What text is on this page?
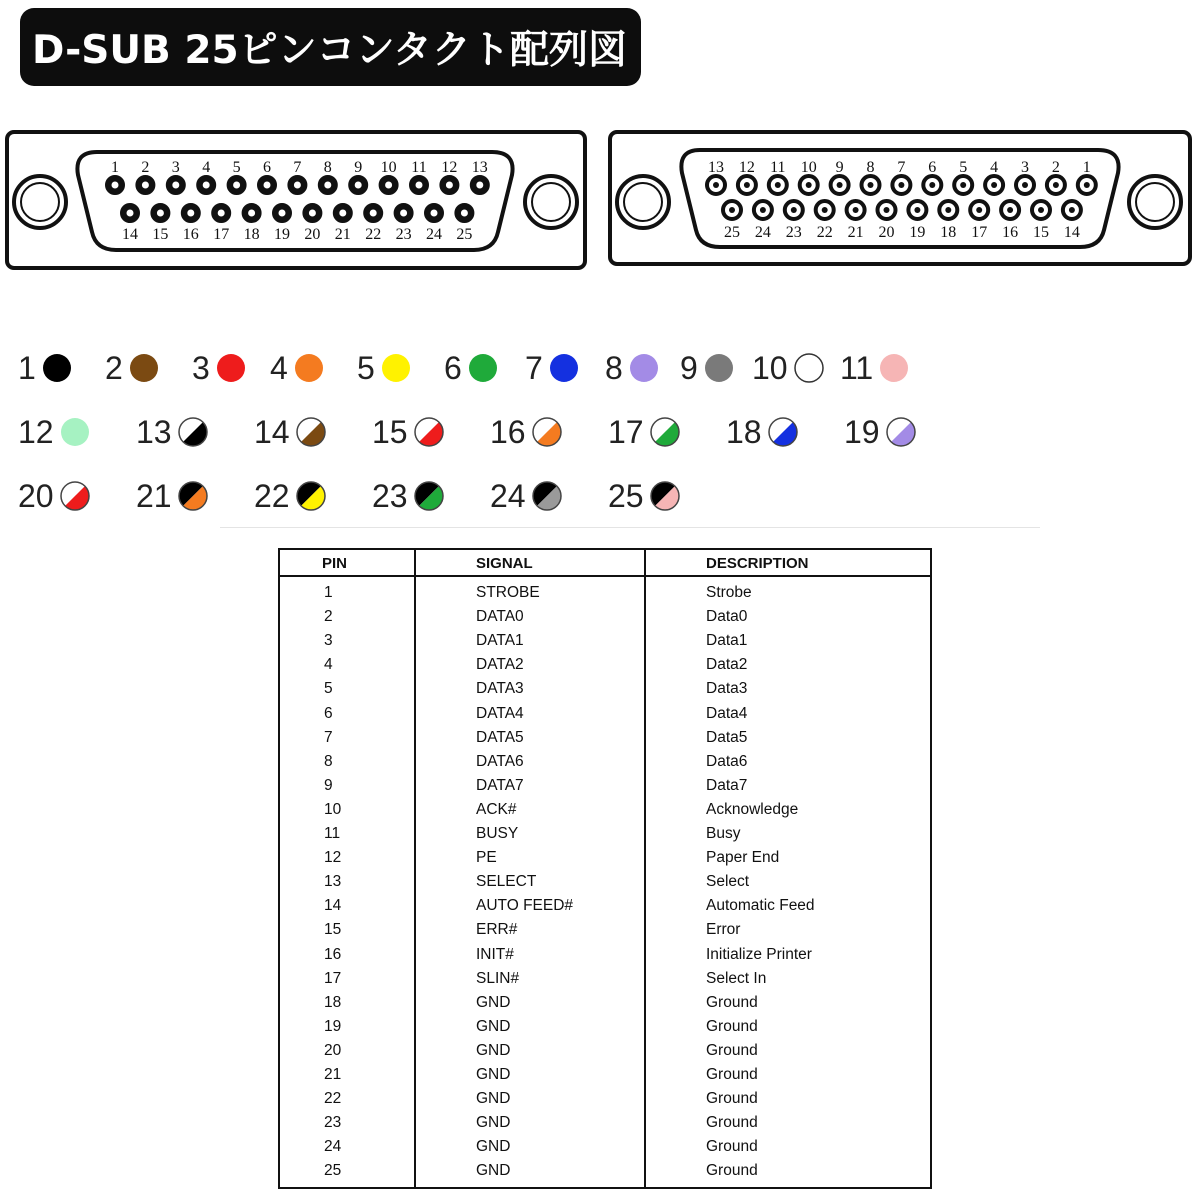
D-SUB 25ピンコンタクト配列図
1 2 3 4 5 6 7 8 9 10 11 12 13
14 15 16 17 18 19 20 21 22 23 24 25
13 12 11 10 9 8 7 6 5 4 3 2 1
25 24 23 22 21 20 19 18 17 16 15 14
1 2 3 4 5 6 7 8 9 10 11
12	13	14	15	16	17	18	19
20	21	22	23	24	25
PIN	SIGNAL	DESCRIPTION
1	STROBE	Strobe
2	DATA0	Data0
3	DATA1	Data1
4	DATA2	Data2
5	DATA3	Data3
6	DATA4	Data4
7	DATA5	Data5
8	DATA6	Data6
9	DATA7	Data7
10	ACK#	Acknowledge
11	BUSY	Busy
12	PE	Paper End
13	SELECT	Select
14	AUTO FEED#	Automatic Feed
15	ERR#	Error
16	INIT#	Initialize Printer
17	SLIN#	Select In
18	GND	Ground
19	GND	Ground
20	GND	Ground
21	GND	Ground
22	GND	Ground
23	GND	Ground
24	GND	Ground
25	GND	Ground
